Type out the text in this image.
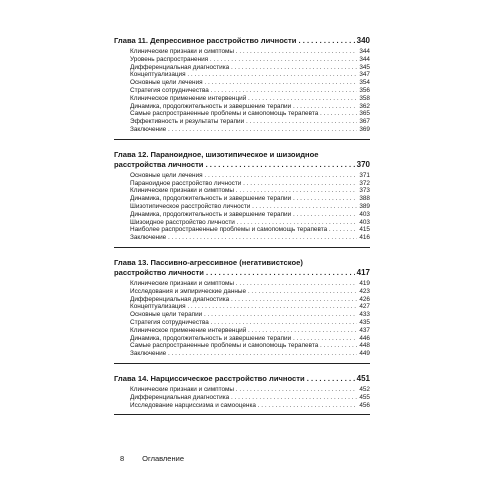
Глава 11. Депрессивное расстройство личности . . .	340
Клинические признаки и симптомы . . .	344
Уровень распространения . . .	344
Дифференциальная диагностика . . .	345
Концептуализация . . .	347
Основные цели лечения . . .	354
Стратегия сотрудничества . . .	356
Клиническое применение интервенций . . .	358
Динамика, продолжительность и завершение терапии . . .	362
Самые распространенные проблемы и самопомощь терапевта . . .	365
Эффективность и результаты терапии . . .	367
Заключение . . .	369
Глава 12. Параноидное, шизотипическое и шизоидное
расстройства личности . . .	370
Основные цели лечения . . .	371
Параноидное расстройство личности . . .	372
Клинические признаки и симптомы . . .	373
Динамика, продолжительность и завершение терапии . . .	388
Шизотипическое расстройство личности . . .	389
Динамика, продолжительность и завершение терапии . . .	403
Шизоидное расстройство личности . . .	403
Наиболее распространенные проблемы и самопомощь терапевта . . .	415
Заключение . . .	416
Глава 13. Пассивно-агрессивное (негативистское)
расстройство личности . . .	417
Клинические признаки и симптомы . . .	419
Исследования и эмпирические данные . . .	423
Дифференциальная диагностика . . .	426
Концептуализация . . .	427
Основные цели терапии . . .	433
Стратегия сотрудничества . . .	435
Клиническое применение интервенций . . .	437
Динамика, продолжительность и завершение терапии . . .	446
Самые распространенные проблемы и самопомощь терапевта . . .	448
Заключение . . .	449
Глава 14. Нарциссическое расстройство личности . . .	451
Клинические признаки и симптомы . . .	452
Дифференциальная диагностика . . .	455
Исследование нарциссизма и самооценка . . .	456
8 Оглавление
